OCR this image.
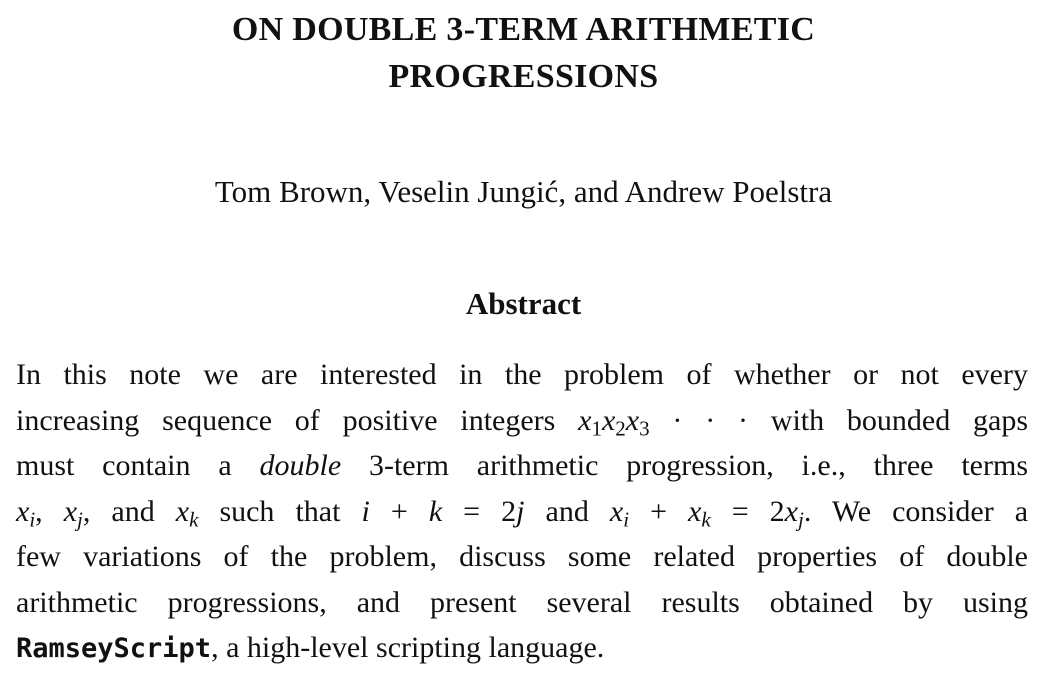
ON DOUBLE 3-TERM ARITHMETIC
PROGRESSIONS

Tom Brown, Veselin Jungić, and Andrew Poelstra

Abstract
In this note we are interested in the problem of whether or not every
increasing sequence of positive integers $x_1x_2x_3$ · · · with bounded gaps
must contain a double 3-term arithmetic progression, i.e., three terms
$x_i$, $x_j$, and $x_k$ such that i + k = 2j and $x_i + x_k = 2x_j$. We consider a
few variations of the problem, discuss some related properties of double
arithmetic progressions, and present several results obtained by using
RamseyScript, a high-level scripting language.
